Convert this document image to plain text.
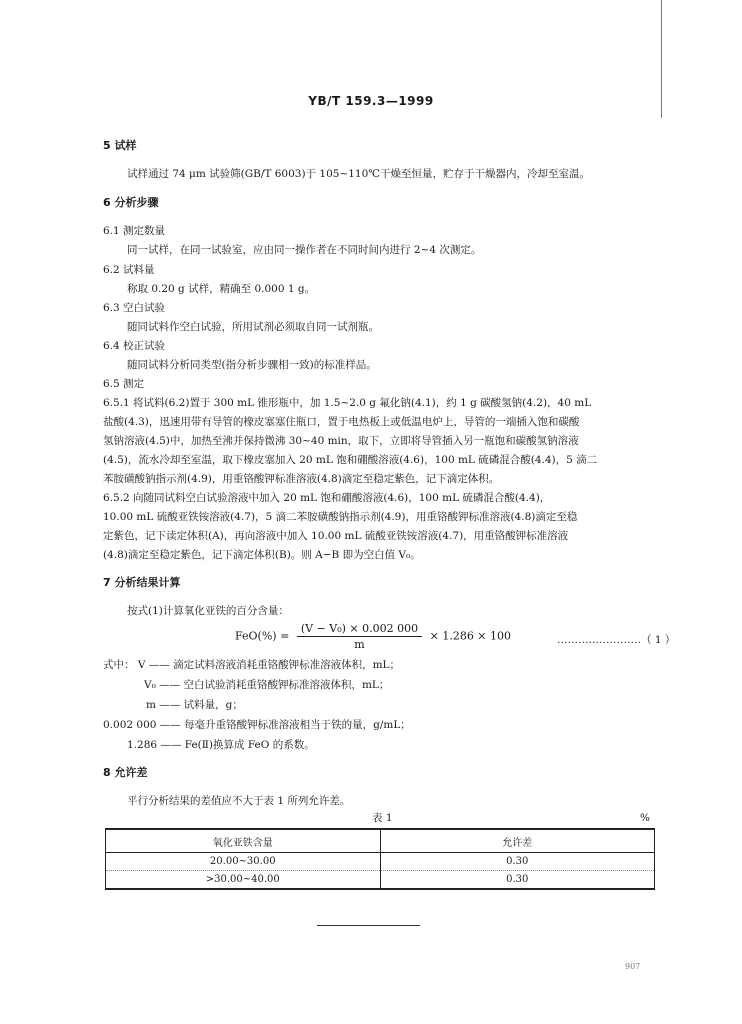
YB/T 159.3—1999
5 试样
试样通过 74 μm 试验筛(GB/T 6003)于 105~110℃干燥至恒量，贮存于干燥器内，冷却至室温。
6 分析步骤
6.1 测定数量
同一试样，在同一试验室，应由同一操作者在不同时间内进行 2~4 次测定。
6.2 试料量
称取 0.20 g 试样，精确至 0.000 1 g。
6.3 空白试验
随同试料作空白试验，所用试剂必须取自同一试剂瓶。
6.4 校正试验
随同试料分析同类型(指分析步骤相一致)的标准样品。
6.5 测定
6.5.1 将试料(6.2)置于 300 mL 锥形瓶中，加 1.5~2.0 g 氟化钠(4.1)，约 1 g 碳酸氢钠(4.2)，40 mL
盐酸(4.3)，迅速用带有导管的橡皮塞塞住瓶口，置于电热板上或低温电炉上，导管的一端插入饱和碳酸
氢钠溶液(4.5)中，加热至沸并保持微沸 30~40 min，取下，立即将导管插入另一瓶饱和碳酸氢钠溶液
(4.5)，流水冷却至室温，取下橡皮塞加入 20 mL 饱和硼酸溶液(4.6)，100 mL 硫磷混合酸(4.4)，5 滴二
苯胺磺酸钠指示剂(4.9)，用重铬酸钾标准溶液(4.8)滴定至稳定紫色，记下滴定体积。
6.5.2 向随同试料空白试验溶液中加入 20 mL 饱和硼酸溶液(4.6)，100 mL 硫磷混合酸(4.4)，
10.00 mL 硫酸亚铁铵溶液(4.7)，5 滴二苯胺磺酸钠指示剂(4.9)，用重铬酸钾标准溶液(4.8)滴定至稳
定紫色，记下读定体积(A)，再向溶液中加入 10.00 mL 硫酸亚铁铵溶液(4.7)，用重铬酸钾标准溶液
(4.8)滴定至稳定紫色，记下滴定体积(B)。则 A−B 即为空白值 V₀。
7 分析结果计算
按式(1)计算氧化亚铁的百分含量：
$FeO(\%) = \frac{\text{(V − V₀) × 0.002 000}}{m} \times 1.286 \times 100$	……………………（ 1 ）
式中： V —— 滴定试料溶液消耗重铬酸钾标准溶液体积，mL；
V₀ —— 空白试验消耗重铬酸钾标准溶液体积，mL；
m —— 试料量，g；
0.002 000 —— 每毫升重铬酸钾标准溶液相当于铁的量，g/mL；
1.286 —— Fe(Ⅱ)换算成 FeO 的系数。
8 允许差
平行分析结果的差值应不大于表 1 所列允许差。
表 1	%
氧化亚铁含量	允许差
20.00~30.00	0.30
>30.00~40.00	0.30
907
